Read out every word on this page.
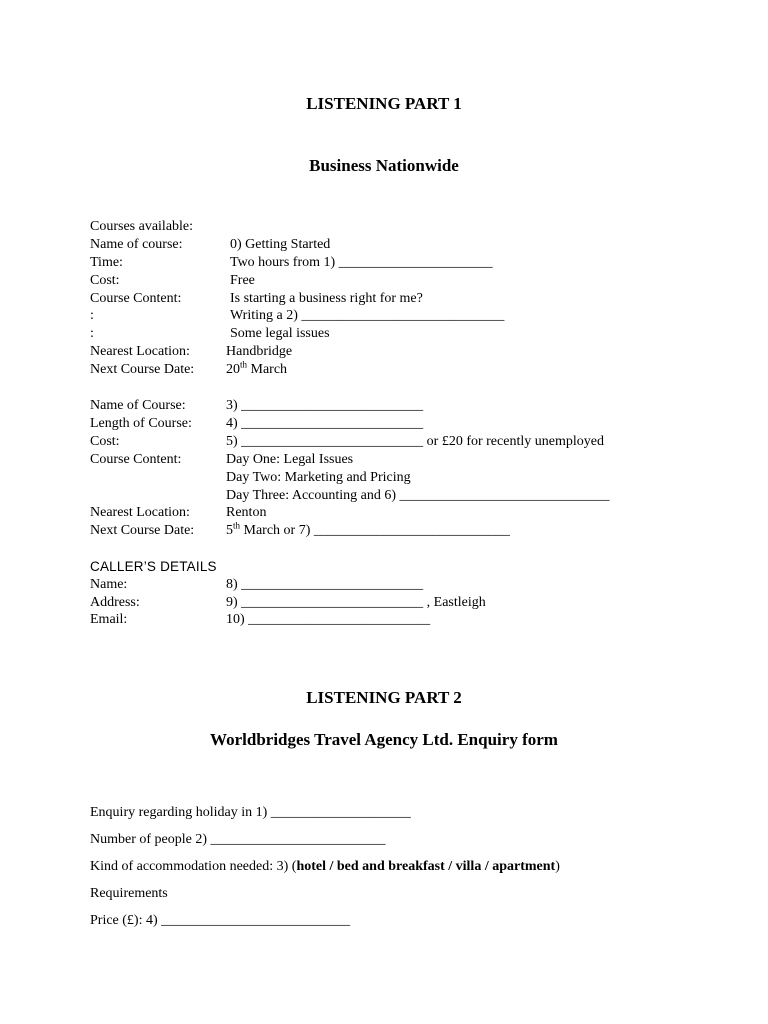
LISTENING PART 1
Business Nationwide
Courses available:
Name of course:	0) Getting Started
Time:	Two hours from 1) ______________________
Cost:	Free
Course Content:	Is starting a business right for me?
:	Writing a 2) _____________________________
:	Some legal issues
Nearest Location:	Handbridge
Next Course Date: 20th March
Name of Course:	3) __________________________
Length of Course: 4) __________________________
Cost:	5) __________________________ or £20 for recently unemployed
Course Content:	Day One: Legal Issues
Day Two: Marketing and Pricing
Day Three: Accounting and 6) ______________________________
Nearest Location:	Renton
Next Course Date: 5th March or 7) ____________________________
CALLER’S DETAILS
Name:	8) __________________________
Address:	9) __________________________ , Eastleigh
Email:	10) __________________________
LISTENING PART 2
Worldbridges Travel Agency Ltd. Enquiry form
Enquiry regarding holiday in 1) ____________________
Number of people 2) _________________________
Kind of accommodation needed: 3) (hotel / bed and breakfast / villa / apartment)
Requirements
Price (£): 4) ___________________________
